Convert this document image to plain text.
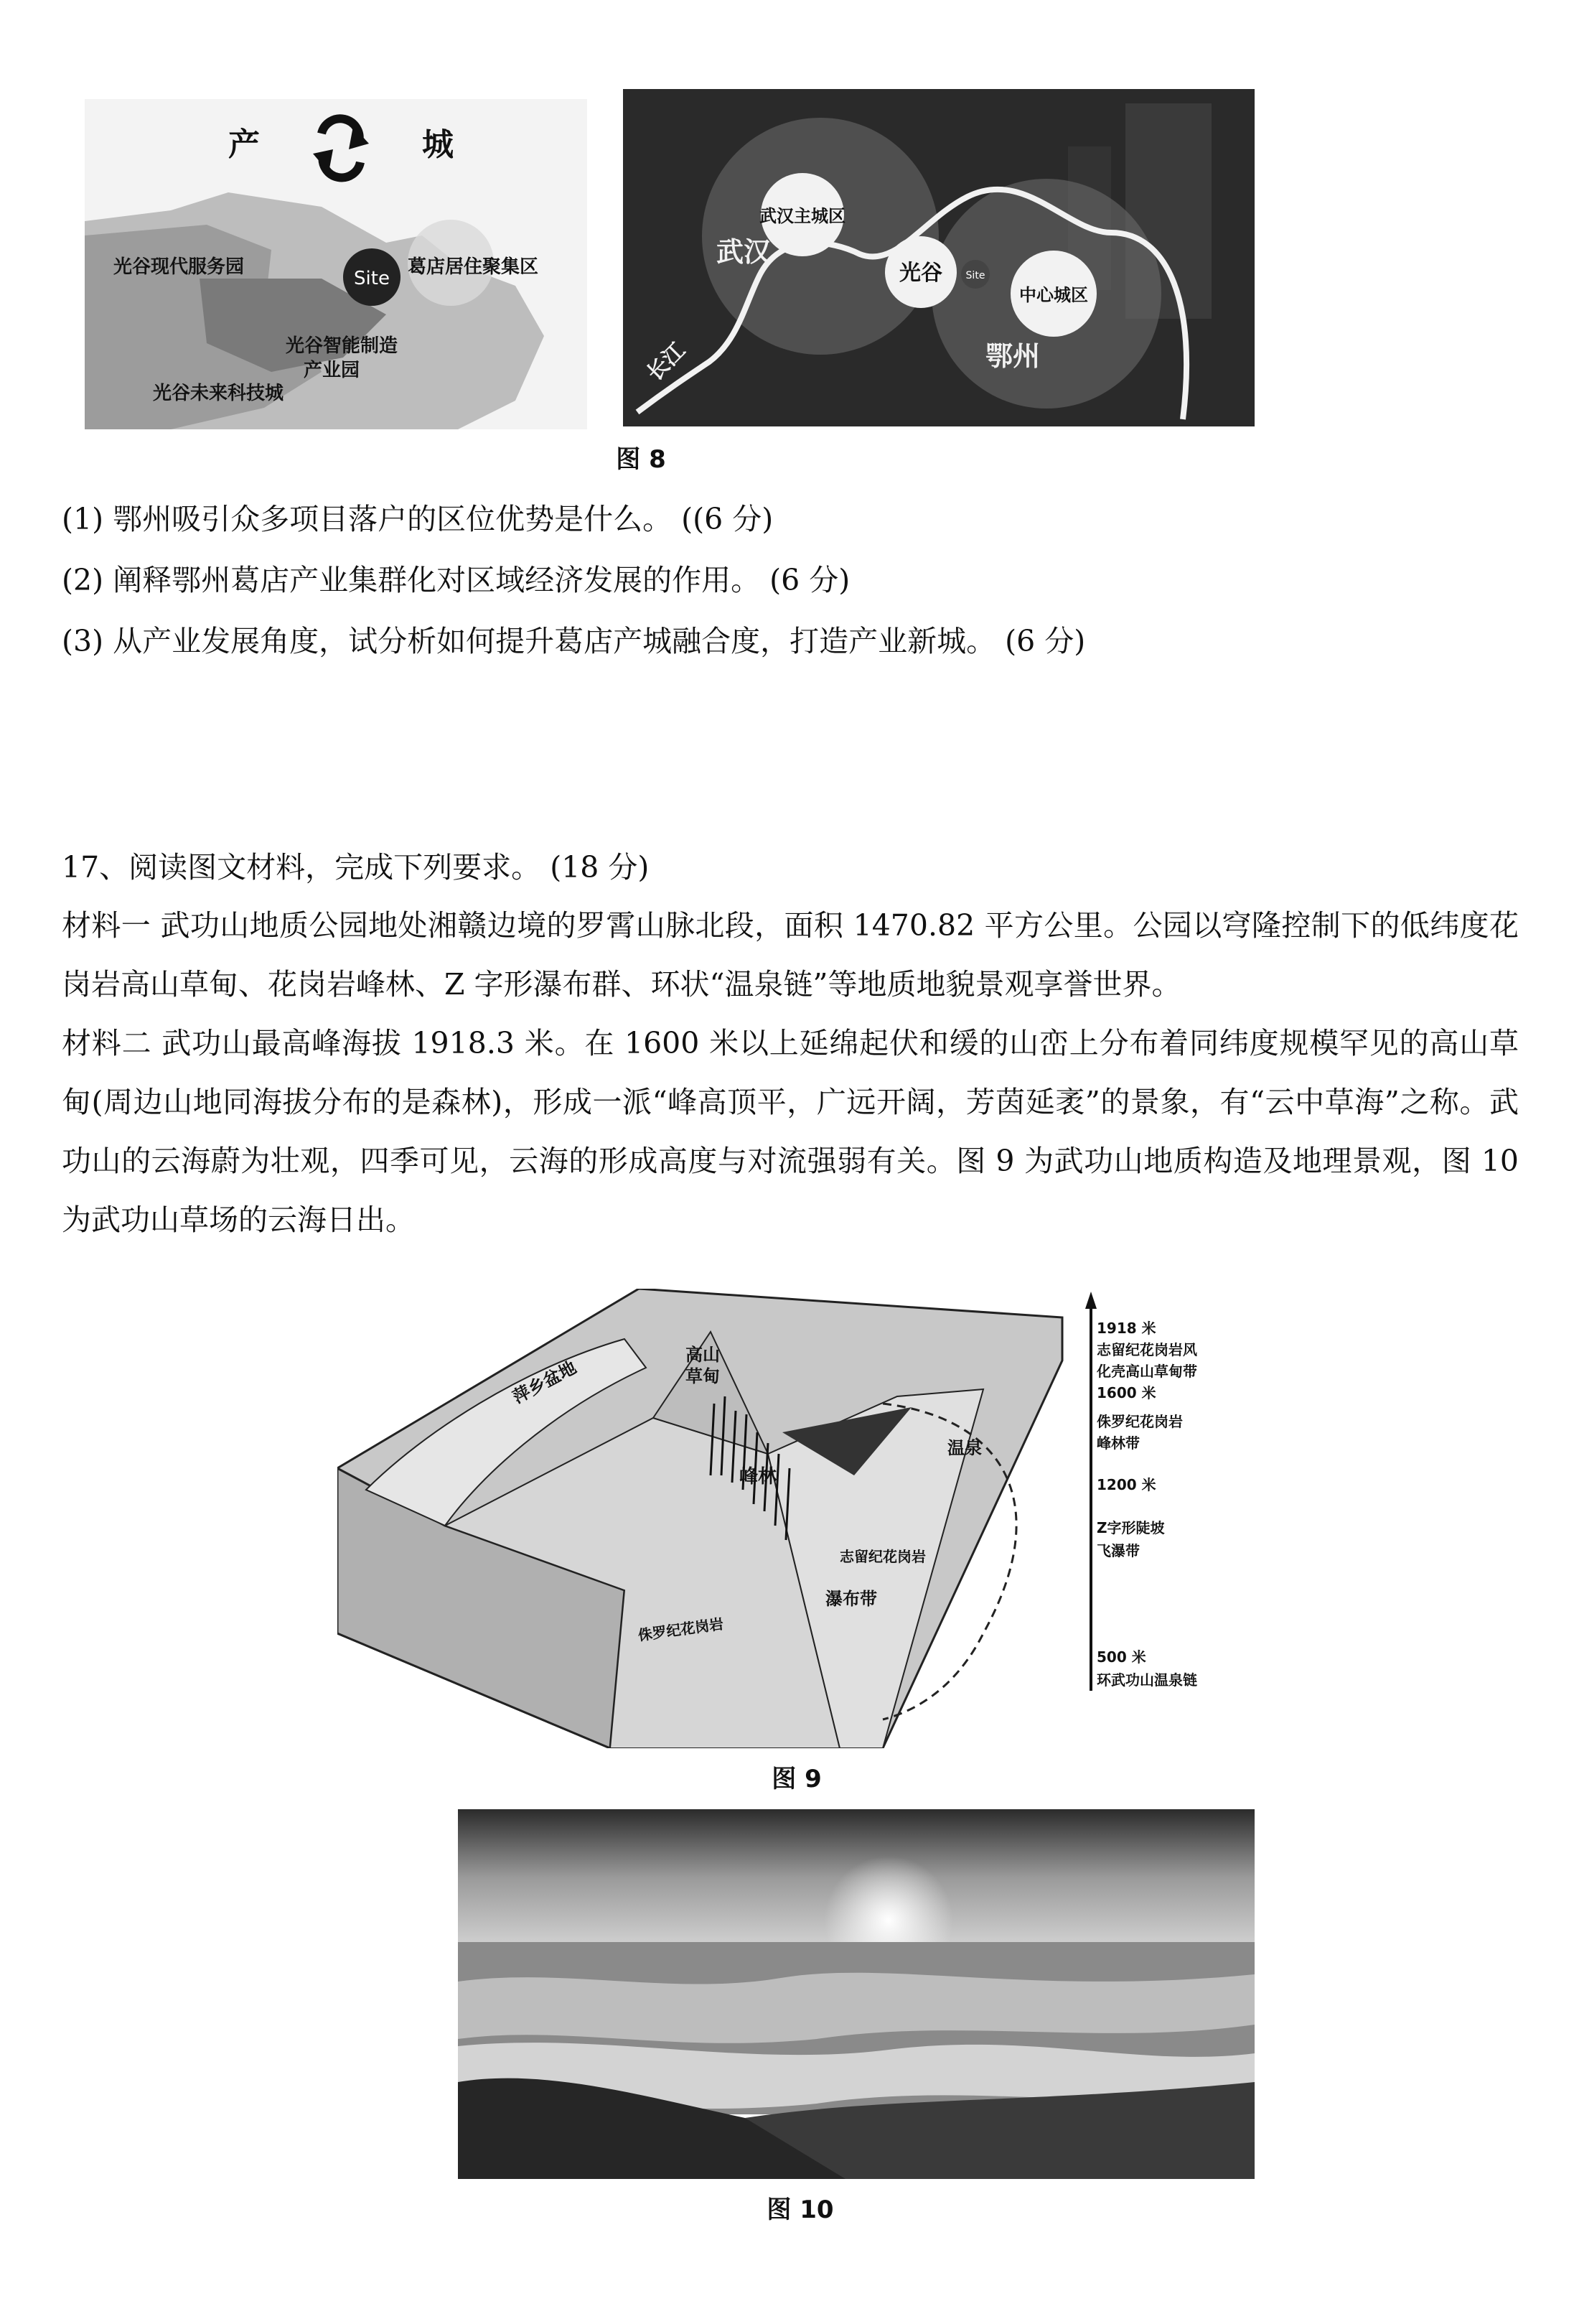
产	城
Site
光谷现代服务园	葛店居住聚集区
光谷智能制造
产业园
光谷未来科技城
武汉主城区
光谷 Site
中心城区
武汉
鄂州
长江
图 8
(1) 鄂州吸引众多项目落户的区位优势是什么。 ((6 分)
(2) 阐释鄂州葛店产业集群化对区域经济发展的作用。 (6 分)
(3) 从产业发展角度，试分析如何提升葛店产城融合度，打造产业新城。 (6 分)
17、阅读图文材料，完成下列要求。 (18 分)
材料一 武功山地质公园地处湘赣边境的罗霄山脉北段，面积 1470.82 平方公里。公园以穹隆控制下的低纬度花岗岩高山草甸、花岗岩峰林、Z 字形瀑布群、环状“温泉链”等地质地貌景观享誉世界。
材料二 武功山最高峰海拔 1918.3 米。在 1600 米以上延绵起伏和缓的山峦上分布着同纬度规模罕见的高山草甸(周边山地同海拔分布的是森林)，形成一派“峰高顶平，广远开阔，芳茵延袤”的景象，有“云中草海”之称。武功山的云海蔚为壮观，四季可见，云海的形成高度与对流强弱有关。图 9 为武功山地质构造及地理景观，图 10 为武功山草场的云海日出。
萍乡盆地
高山
草甸
峰林
温泉
志留纪花岗岩
侏罗纪花岗岩
瀑布带
1918 米
志留纪花岗岩风
化壳高山草甸带
1600 米
侏罗纪花岗岩
峰林带
1200 米
Z字形陡坡
飞瀑带
500 米
环武功山温泉链
图 9
图 10
